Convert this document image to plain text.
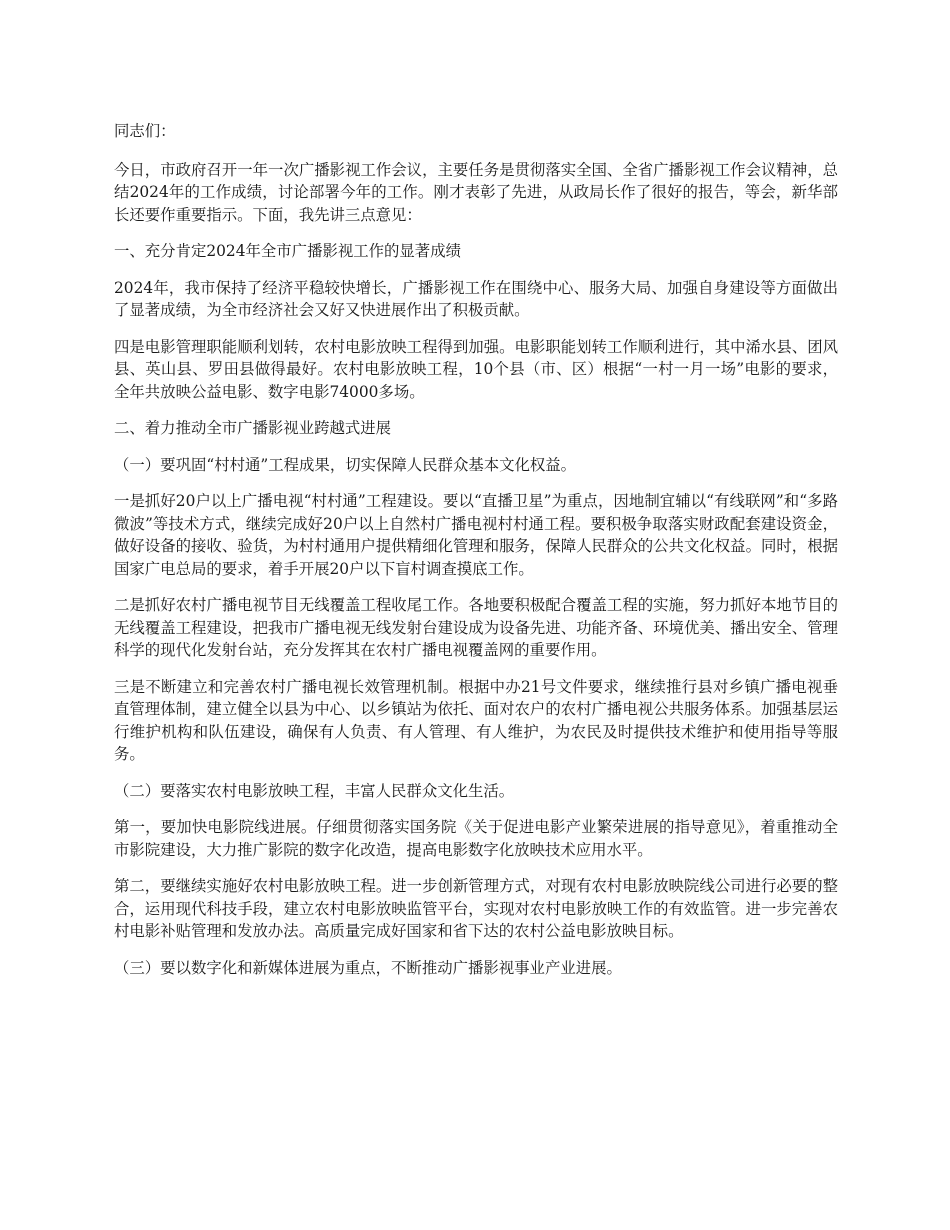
同志们：

今日，市政府召开一年一次广播影视工作会议，主要任务是贯彻落实全国、全省广播影视工作会议精神，总结2024年的工作成绩，讨论部署今年的工作。刚才表彰了先进，从政局长作了很好的报告，等会，新华部长还要作重要指示。下面，我先讲三点意见：

一、充分肯定2024年全市广播影视工作的显著成绩

2024年，我市保持了经济平稳较快增长，广播影视工作在围绕中心、服务大局、加强自身建设等方面做出了显著成绩，为全市经济社会又好又快进展作出了积极贡献。

四是电影管理职能顺利划转，农村电影放映工程得到加强。电影职能划转工作顺利进行，其中浠水县、团风县、英山县、罗田县做得最好。农村电影放映工程，10个县（市、区）根据“一村一月一场”电影的要求，全年共放映公益电影、数字电影74000多场。

二、着力推动全市广播影视业跨越式进展

（一）要巩固“村村通”工程成果，切实保障人民群众基本文化权益。

一是抓好20户以上广播电视“村村通”工程建设。要以“直播卫星”为重点，因地制宜辅以“有线联网”和“多路微波”等技术方式，继续完成好20户以上自然村广播电视村村通工程。要积极争取落实财政配套建设资金，做好设备的接收、验货，为村村通用户提供精细化管理和服务，保障人民群众的公共文化权益。同时，根据国家广电总局的要求，着手开展20户以下盲村调查摸底工作。

二是抓好农村广播电视节目无线覆盖工程收尾工作。各地要积极配合覆盖工程的实施，努力抓好本地节目的无线覆盖工程建设，把我市广播电视无线发射台建设成为设备先进、功能齐备、环境优美、播出安全、管理科学的现代化发射台站，充分发挥其在农村广播电视覆盖网的重要作用。

三是不断建立和完善农村广播电视长效管理机制。根据中办21号文件要求，继续推行县对乡镇广播电视垂直管理体制，建立健全以县为中心、以乡镇站为依托、面对农户的农村广播电视公共服务体系。加强基层运行维护机构和队伍建设，确保有人负责、有人管理、有人维护，为农民及时提供技术维护和使用指导等服务。

（二）要落实农村电影放映工程，丰富人民群众文化生活。

第一，要加快电影院线进展。仔细贯彻落实国务院《关于促进电影产业繁荣进展的指导意见》，着重推动全市影院建设，大力推广影院的数字化改造，提高电影数字化放映技术应用水平。

第二，要继续实施好农村电影放映工程。进一步创新管理方式，对现有农村电影放映院线公司进行必要的整合，运用现代科技手段，建立农村电影放映监管平台，实现对农村电影放映工作的有效监管。进一步完善农村电影补贴管理和发放办法。高质量完成好国家和省下达的农村公益电影放映目标。

（三）要以数字化和新媒体进展为重点，不断推动广播影视事业产业进展。
